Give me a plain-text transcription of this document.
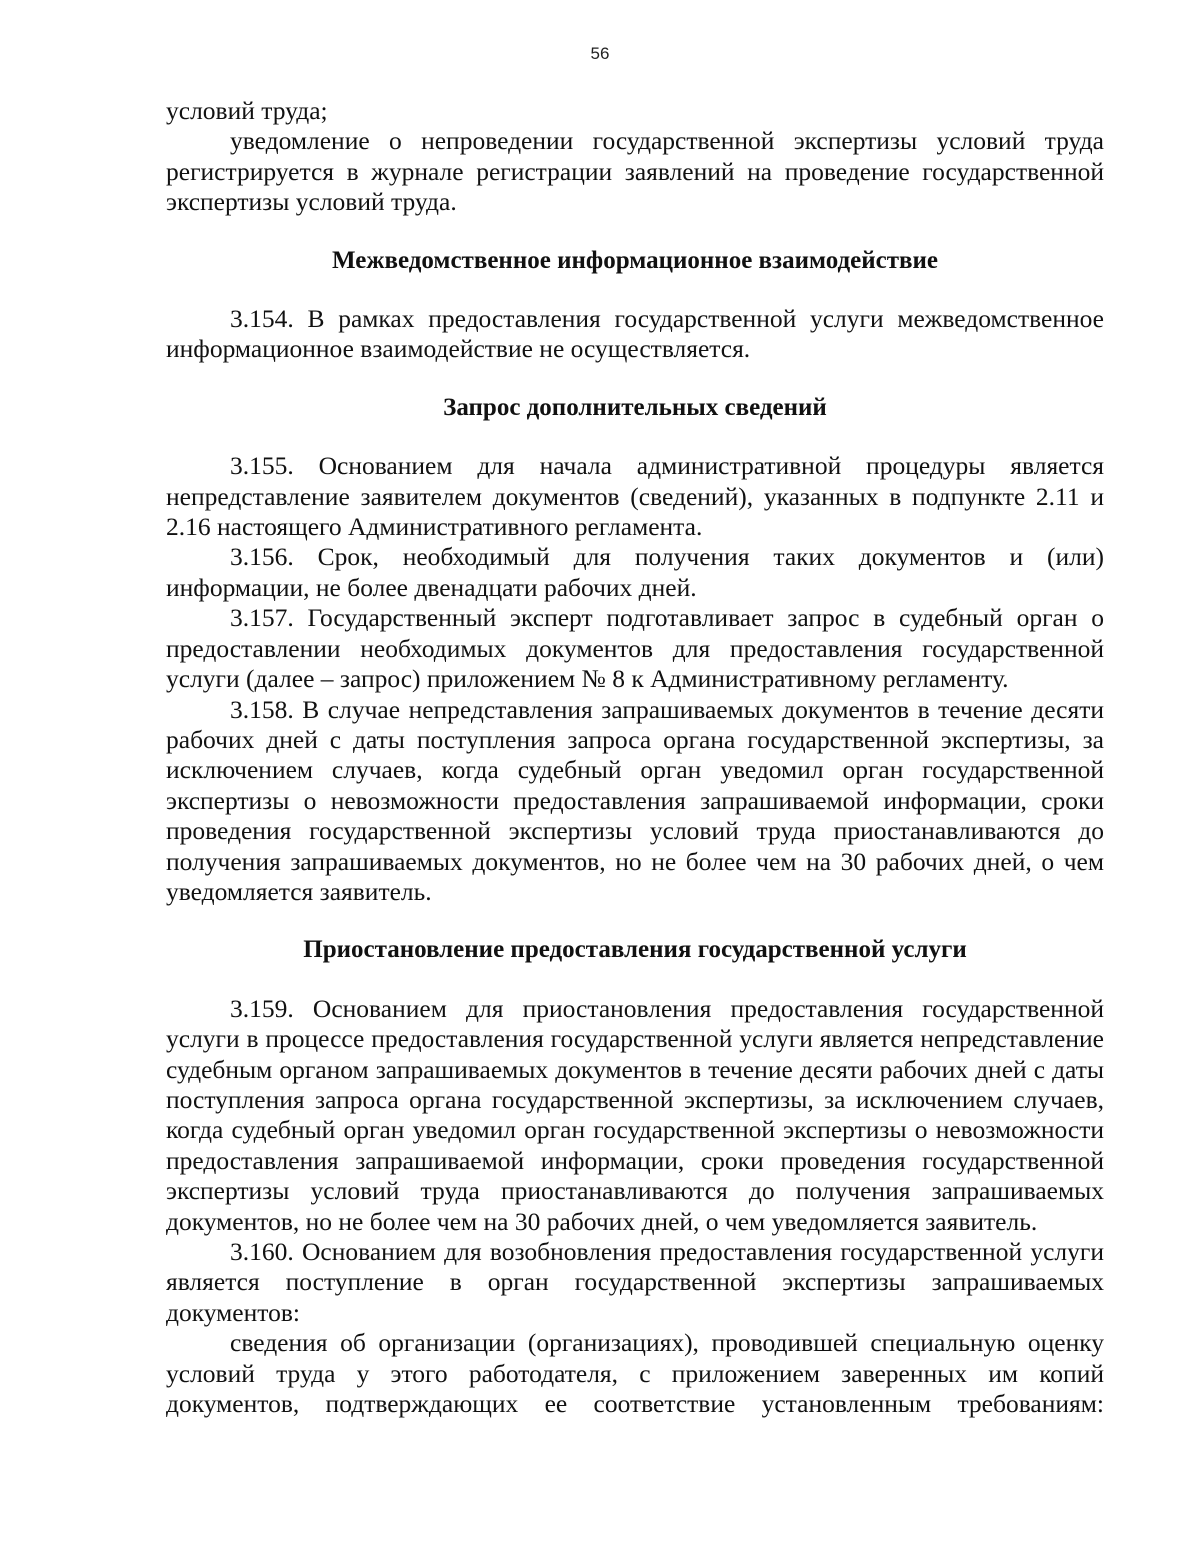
56

условий труда;

уведомление о непроведении государственной экспертизы условий труда регистрируется в журнале регистрации заявлений на проведение государственной экспертизы условий труда.

Межведомственное информационное взаимодействие

3.154. В рамках предоставления государственной услуги межведомственное информационное взаимодействие не осуществляется.

Запрос дополнительных сведений

3.155. Основанием для начала административной процедуры является непредставление заявителем документов (сведений), указанных в подпункте 2.11 и 2.16 настоящего Административного регламента.

3.156. Срок, необходимый для получения таких документов и (или) информации, не более двенадцати рабочих дней.

3.157. Государственный эксперт подготавливает запрос в судебный орган о предоставлении необходимых документов для предоставления государственной услуги (далее – запрос) приложением № 8 к Административному регламенту.

3.158. В случае непредставления запрашиваемых документов в течение десяти рабочих дней с даты поступления запроса органа государственной экспертизы, за исключением случаев, когда судебный орган уведомил орган государственной экспертизы о невозможности предоставления запрашиваемой информации, сроки проведения государственной экспертизы условий труда приостанавливаются до получения запрашиваемых документов, но не более чем на 30 рабочих дней, о чем уведомляется заявитель.

Приостановление предоставления государственной услуги

3.159. Основанием для приостановления предоставления государственной услуги в процессе предоставления государственной услуги является непредставление судебным органом запрашиваемых документов в течение десяти рабочих дней с даты поступления запроса органа государственной экспертизы, за исключением случаев, когда судебный орган уведомил орган государственной экспертизы о невозможности предоставления запрашиваемой информации, сроки проведения государственной экспертизы условий труда приостанавливаются до получения запрашиваемых документов, но не более чем на 30 рабочих дней, о чем уведомляется заявитель.

3.160. Основанием для возобновления предоставления государственной услуги является поступление в орган государственной экспертизы запрашиваемых документов:

сведения об организации (организациях), проводившей специальную оценку условий труда у этого работодателя, с приложением заверенных им копий документов, подтверждающих ее соответствие установленным требованиям:
